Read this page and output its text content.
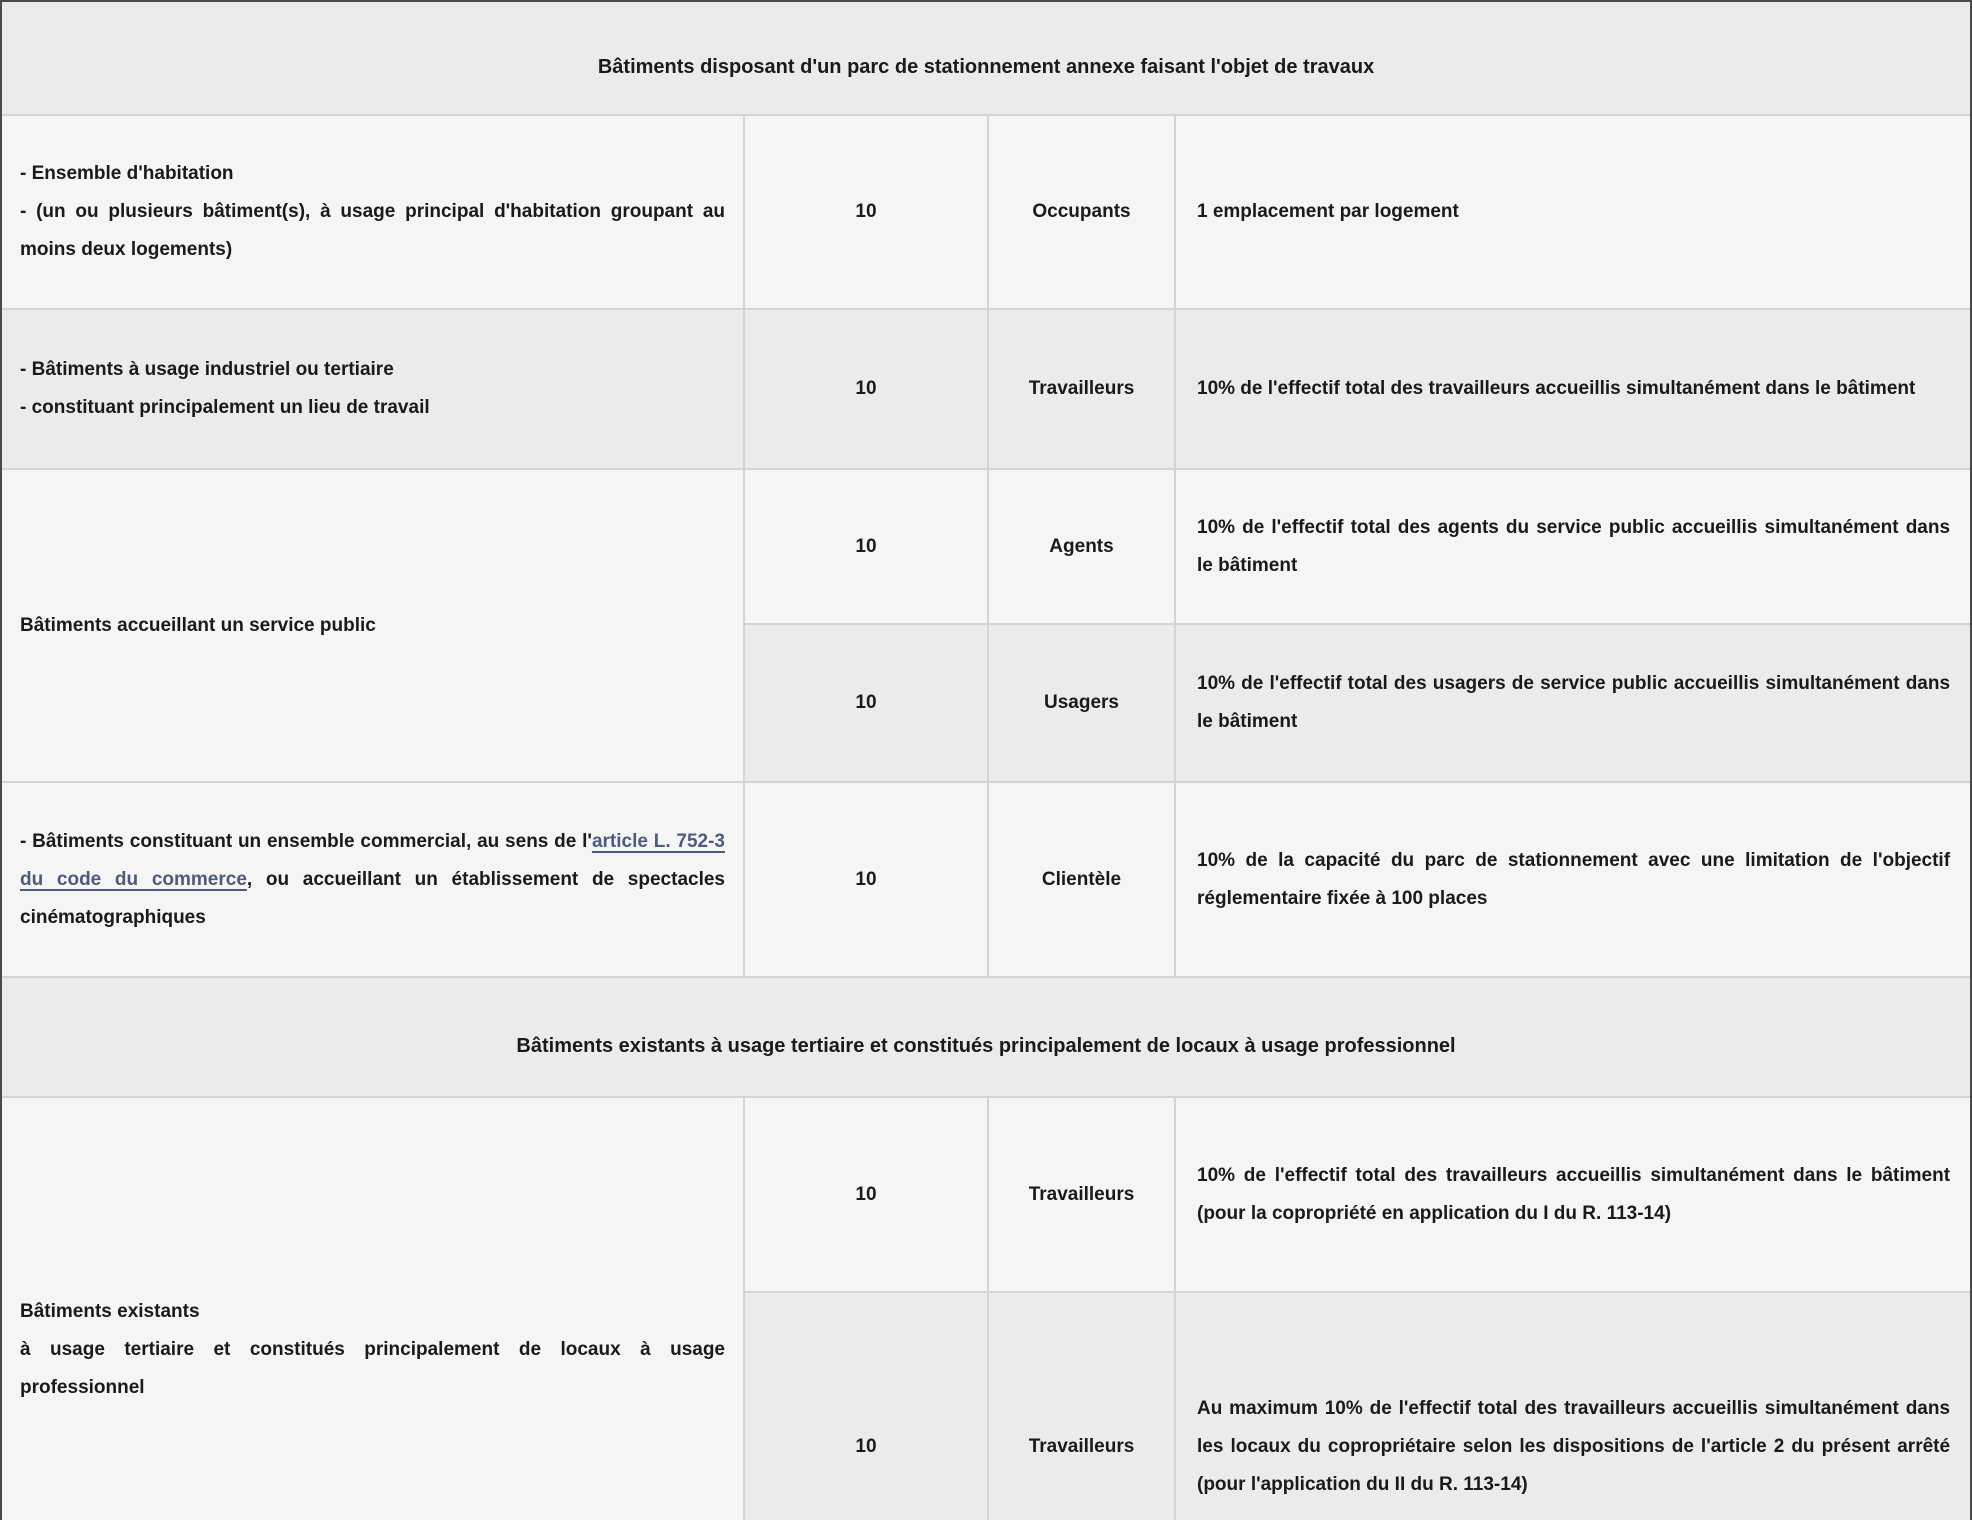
Bâtiments disposant d'un parc de stationnement annexe faisant l'objet de travaux			

- Ensemble d'habitation
- (un ou plusieurs bâtiment(s), à usage principal d'habitation groupant au moins deux logements)	10	Occupants	1 emplacement par logement

- Bâtiments à usage industriel ou tertiaire
- constituant principalement un lieu de travail	10	Travailleurs	10% de l'effectif total des travailleurs accueillis simultanément dans le bâtiment

Bâtiments accueillant un service public	10	Agents	10% de l'effectif total des agents du service public accueillis simultanément dans le bâtiment
	10	Usagers	10% de l'effectif total des usagers de service public accueillis simultanément dans le bâtiment
- Bâtiments constituant un ensemble commercial, au sens de l'article L. 752-3 du code du commerce, ou accueillant un établissement de spectacles cinématographiques	10	Clientèle	10% de la capacité du parc de stationnement avec une limitation de l'objectif réglementaire fixée à 100 places
Bâtiments existants à usage tertiaire et constitués principalement de locaux à usage professionnel			

Bâtiments existants
à usage tertiaire et constitués principalement de locaux à usage professionnel	10	Travailleurs	10% de l'effectif total des travailleurs accueillis simultanément dans le bâtiment (pour la copropriété en application du I du R. 113-14)
	10	Travailleurs	Au maximum 10% de l'effectif total des travailleurs accueillis simultanément dans les locaux du copropriétaire selon les dispositions de l'article 2 du présent arrêté (pour l'application du II du R. 113-14)
